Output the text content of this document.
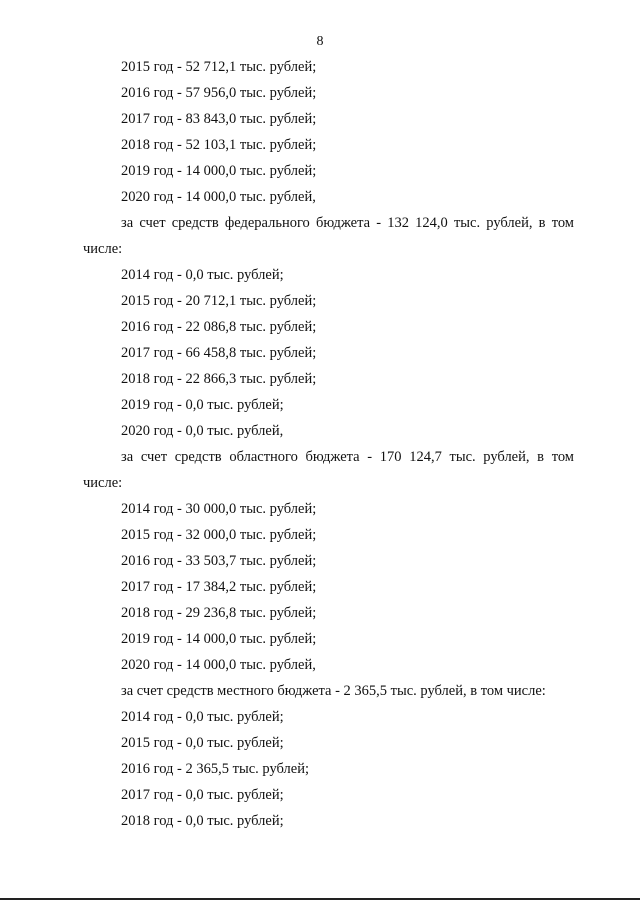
8
2015 год - 52 712,1 тыс. рублей;
2016 год - 57 956,0 тыс. рублей;
2017 год - 83 843,0 тыс. рублей;
2018 год - 52 103,1 тыс. рублей;
2019 год - 14 000,0 тыс. рублей;
2020 год - 14 000,0 тыс. рублей,
за счет средств федерального бюджета - 132 124,0 тыс. рублей, в том
числе:
2014 год - 0,0 тыс. рублей;
2015 год - 20 712,1 тыс. рублей;
2016 год - 22 086,8 тыс. рублей;
2017 год - 66 458,8 тыс. рублей;
2018 год - 22 866,3 тыс. рублей;
2019 год - 0,0 тыс. рублей;
2020 год - 0,0 тыс. рублей,
за счет средств областного бюджета - 170 124,7 тыс. рублей, в том
числе:
2014 год - 30 000,0 тыс. рублей;
2015 год - 32 000,0 тыс. рублей;
2016 год - 33 503,7 тыс. рублей;
2017 год - 17 384,2 тыс. рублей;
2018 год - 29 236,8 тыс. рублей;
2019 год - 14 000,0 тыс. рублей;
2020 год - 14 000,0 тыс. рублей,
за счет средств местного бюджета - 2 365,5 тыс. рублей, в том числе:
2014 год - 0,0 тыс. рублей;
2015 год - 0,0 тыс. рублей;
2016 год - 2 365,5 тыс. рублей;
2017 год - 0,0 тыс. рублей;
2018 год - 0,0 тыс. рублей;
